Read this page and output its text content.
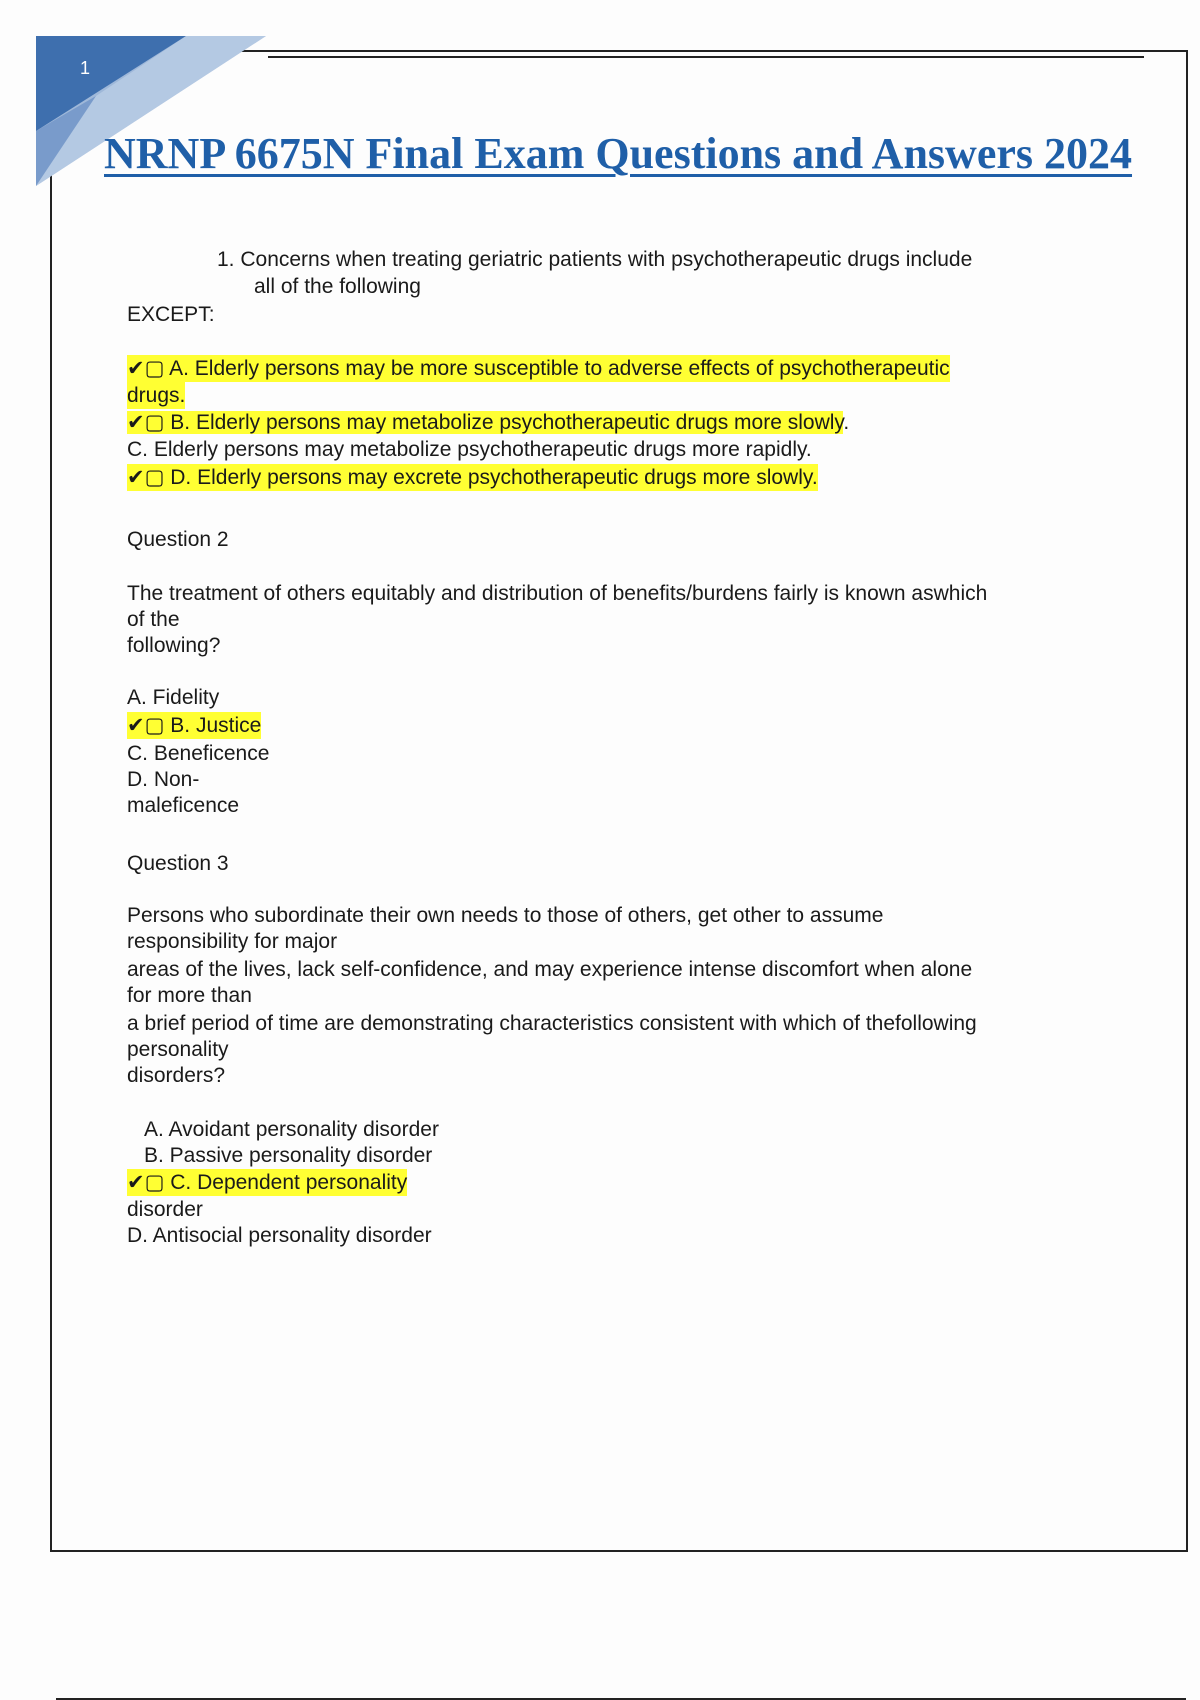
1
NRNP 6675N Final Exam Questions and Answers 2024
1. Concerns when treating geriatric patients with psychotherapeutic drugs include
all of the following
EXCEPT:
✔▢ A. Elderly persons may be more susceptible to adverse effects of psychotherapeutic
drugs.
✔▢ B. Elderly persons may metabolize psychotherapeutic drugs more slowly.
C. Elderly persons may metabolize psychotherapeutic drugs more rapidly.
✔▢ D. Elderly persons may excrete psychotherapeutic drugs more slowly.
Question 2
The treatment of others equitably and distribution of benefits/burdens fairly is known aswhich
of the
following?
A. Fidelity
✔▢ B. Justice
C. Beneficence
D. Non-
maleficence
Question 3
Persons who subordinate their own needs to those of others, get other to assume
responsibility for major
areas of the lives, lack self-confidence, and may experience intense discomfort when alone
for more than
a brief period of time are demonstrating characteristics consistent with which of thefollowing
personality
disorders?
A. Avoidant personality disorder
B. Passive personality disorder
✔▢ C. Dependent personality
disorder
D. Antisocial personality disorder
